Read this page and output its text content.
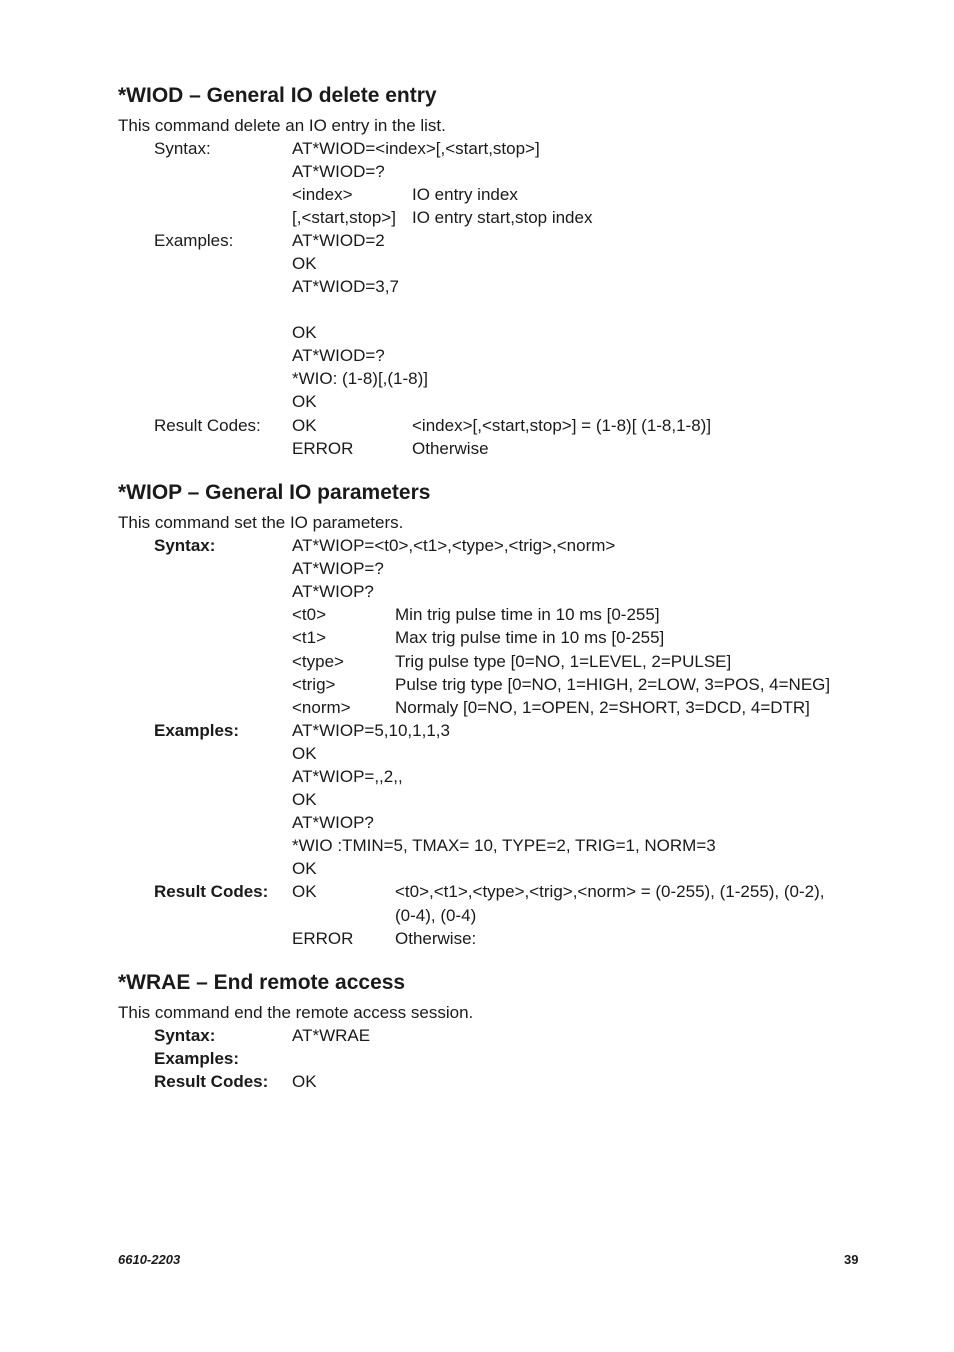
*WIOD – General IO delete entry
This command delete an IO entry in the list.
Syntax:	AT*WIOD=<index>[,<start,stop>]
AT*WIOD=?
<index>	IO entry index
[,<start,stop>] IO entry start,stop index
Examples:	AT*WIOD=2
OK
AT*WIOD=3,7
OK
AT*WIOD=?
*WIO: (1-8)[,(1-8)]
OK
Result Codes: OK	<index>[,<start,stop>] = (1-8)[ (1-8,1-8)]
ERROR	Otherwise
*WIOP – General IO parameters
This command set the IO parameters.
Syntax:	AT*WIOP=<t0>,<t1>,<type>,<trig>,<norm>
AT*WIOP=?
AT*WIOP?
<t0>	Min trig pulse time in 10 ms [0-255]
<t1>	Max trig pulse time in 10 ms [0-255]
<type>	Trig pulse type [0=NO, 1=LEVEL, 2=PULSE]
<trig>	Pulse trig type [0=NO, 1=HIGH, 2=LOW, 3=POS, 4=NEG]
<norm>	Normaly [0=NO, 1=OPEN, 2=SHORT, 3=DCD, 4=DTR]
Examples:	AT*WIOP=5,10,1,1,3
OK
AT*WIOP=,,2,,
OK
AT*WIOP?
*WIO :TMIN=5, TMAX= 10, TYPE=2, TRIG=1, NORM=3
OK
Result Codes: OK	<t0>,<t1>,<type>,<trig>,<norm> = (0-255), (1-255), (0-2),
(0-4), (0-4)
ERROR Otherwise:
*WRAE – End remote access
This command end the remote access session.
Syntax:	AT*WRAE
Examples:
Result Codes: OK
6610-2203	39
